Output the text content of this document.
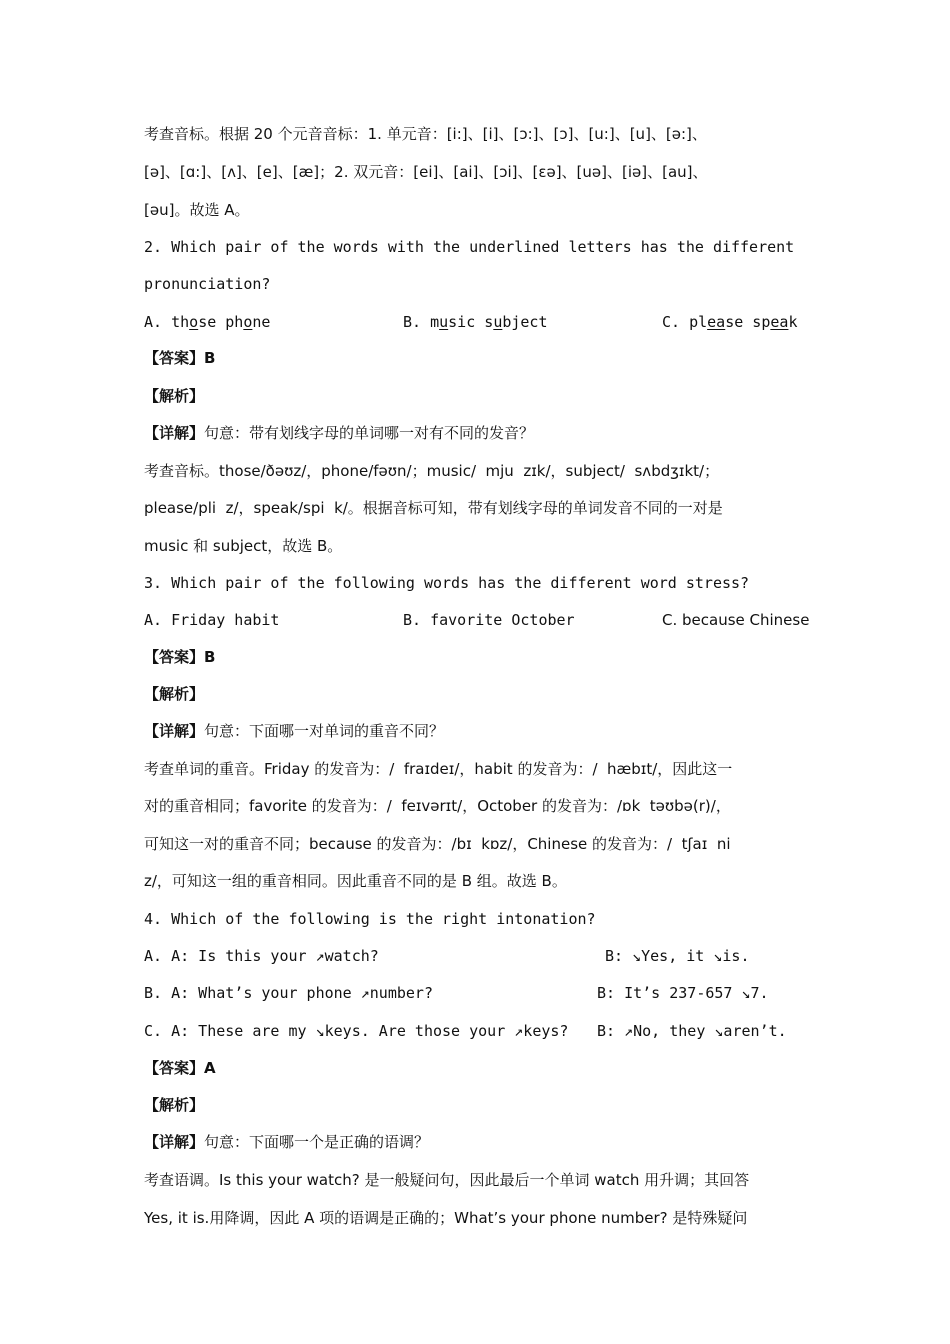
考查音标。根据 20 个元音音标：1. 单元音：[i:]、[i]、[ɔ:]、[ɔ]、[u:]、[u]、[ə:]、
[ə]、[ɑ:]、[ʌ]、[e]、[æ]；2. 双元音：[ei]、[ai]、[ɔi]、[ɛə]、[uə]、[iə]、[au]、
[əu]。故选 A。
2. Which pair of the words with the underlined letters has the different
pronunciation?
A. those phone	B. music subject	C. please speak
【答案】B
【解析】
【详解】句意：带有划线字母的单词哪一对有不同的发音？
考查音标。those/ðəʊz/，phone/fəʊn/；music/  mju  zɪk/，subject/  sʌbdʒɪkt/；
please/pli  z/，speak/spi  k/。根据音标可知，带有划线字母的单词发音不同的一对是
music 和 subject，故选 B。
3. Which pair of the following words has the different word stress?
A. Friday habit	B. favorite October	C. because Chinese
【答案】B
【解析】
【详解】句意：下面哪一对单词的重音不同？
考查单词的重音。Friday 的发音为：/  fraɪdeɪ/，habit 的发音为：/  hæbɪt/，因此这一
对的重音相同；favorite 的发音为：/  feɪvərɪt/，October 的发音为：/ɒk  təʊbə(r)/，
可知这一对的重音不同；because 的发音为：/bɪ  kɒz/，Chinese 的发音为：/  tʃaɪ  ni
z/，可知这一组的重音相同。因此重音不同的是 B 组。故选 B。
4. Which of the following is the right intonation?
A. A: Is this your ↗watch?	B: ↘Yes, it ↘is.
B. A: What’s your phone ↗number?	B: It’s 237-657 ↘7.
C. A: These are my ↘keys. Are those your ↗keys? B: ↗No, they ↘aren’t.
【答案】A
【解析】
【详解】句意：下面哪一个是正确的语调？
考查语调。Is this your watch? 是一般疑问句，因此最后一个单词 watch 用升调；其回答
Yes, it is.用降调，因此 A 项的语调是正确的；What’s your phone number? 是特殊疑问
